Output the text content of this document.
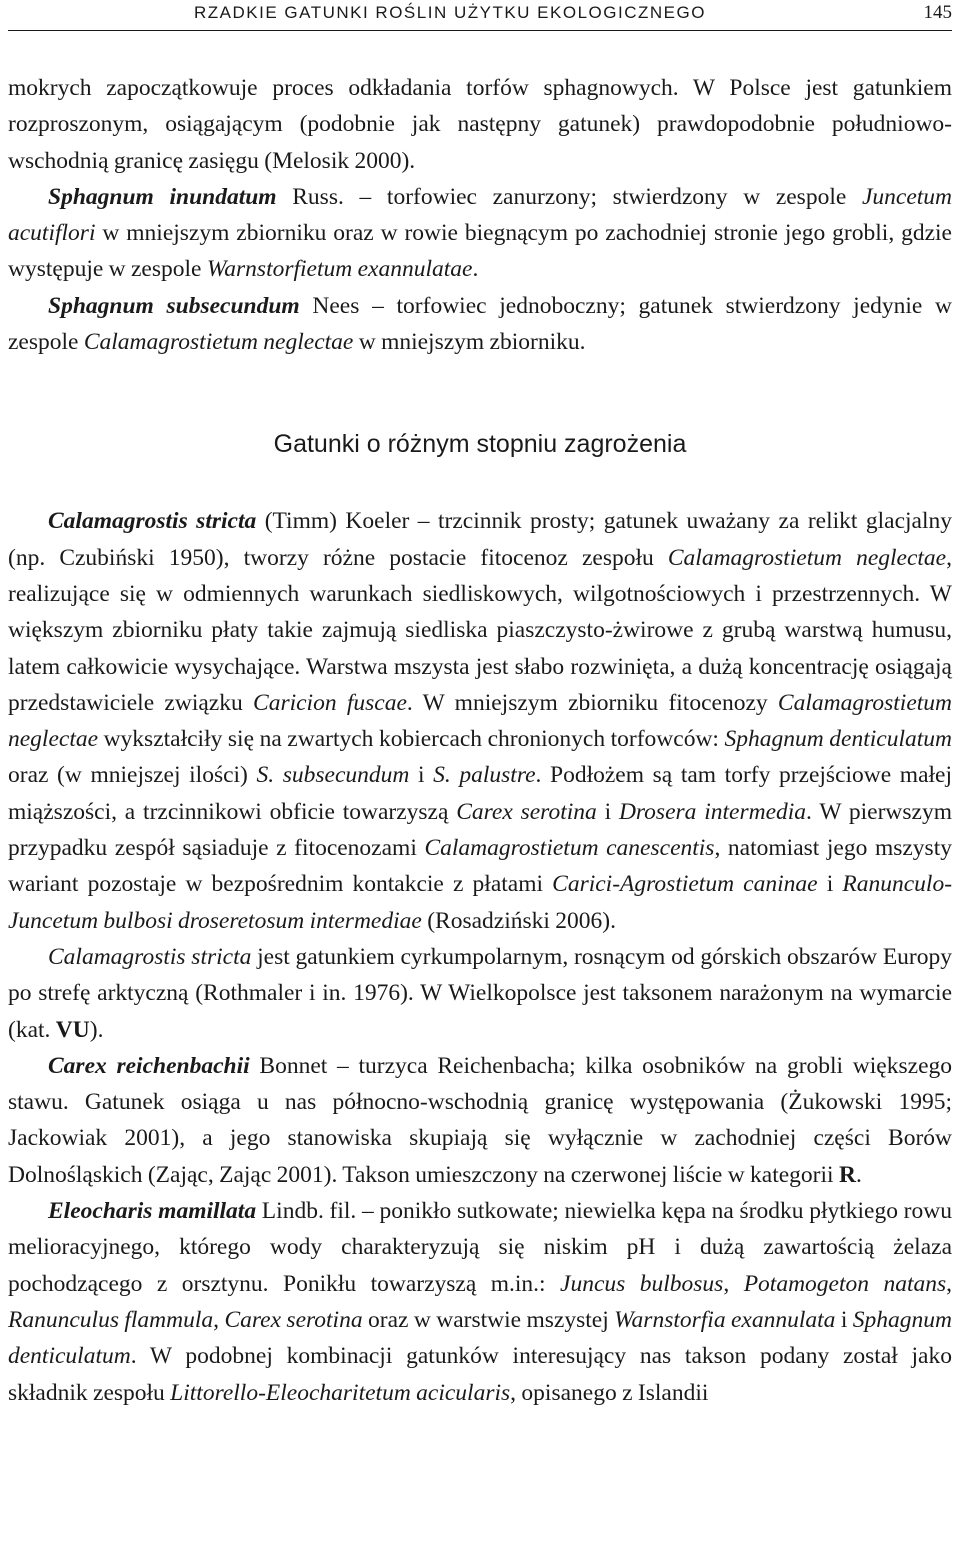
RZADKIE GATUNKI ROŚLIN UŻYTKU EKOLOGICZNEGO	145

mokrych zapoczątkowuje proces odkładania torfów sphagnowych. W Polsce jest gatunkiem rozproszonym, osiągającym (podobnie jak następny gatunek) prawdopodobnie południowo-wschodnią granicę zasięgu (Melosik 2000).

Sphagnum inundatum Russ. – torfowiec zanurzony; stwierdzony w zespole Juncetum acutiflori w mniejszym zbiorniku oraz w rowie biegnącym po zachodniej stronie jego grobli, gdzie występuje w zespole Warnstorfietum exannulatae.

Sphagnum subsecundum Nees – torfowiec jednoboczny; gatunek stwierdzony jedynie w zespole Calamagrostietum neglectae w mniejszym zbiorniku.

Gatunki o różnym stopniu zagrożenia

Calamagrostis stricta (Timm) Koeler – trzcinnik prosty; gatunek uważany za relikt glacjalny (np. Czubiński 1950), tworzy różne postacie fitocenoz zespołu Calamagrostietum neglectae, realizujące się w odmiennych warunkach siedliskowych, wilgotnościowych i przestrzennych. W większym zbiorniku płaty takie zajmują siedliska piaszczysto-żwirowe z grubą warstwą humusu, latem całkowicie wysychające. Warstwa mszysta jest słabo rozwinięta, a dużą koncentrację osiągają przedstawiciele związku Caricion fuscae. W mniejszym zbiorniku fitocenozy Calamagrostietum neglectae wykształciły się na zwartych kobiercach chronionych torfowców: Sphagnum denticulatum oraz (w mniejszej ilości) S. subsecundum i S. palustre. Podłożem są tam torfy przejściowe małej miąższości, a trzcinnikowi obficie towarzyszą Carex serotina i Drosera intermedia. W pierwszym przypadku zespół sąsiaduje z fitocenozami Calamagrostietum canescentis, natomiast jego mszysty wariant pozostaje w bezpośrednim kontakcie z płatami Carici-Agrostietum caninae i Ranunculo-Juncetum bulbosi droseretosum intermediae (Rosadziński 2006).

Calamagrostis stricta jest gatunkiem cyrkumpolarnym, rosnącym od górskich obszarów Europy po strefę arktyczną (Rothmaler i in. 1976). W Wielkopolsce jest taksonem narażonym na wymarcie (kat. VU).

Carex reichenbachii Bonnet – turzyca Reichenbacha; kilka osobników na grobli większego stawu. Gatunek osiąga u nas północno-wschodnią granicę występowania (Żukowski 1995; Jackowiak 2001), a jego stanowiska skupiają się wyłącznie w zachodniej części Borów Dolnośląskich (Zając, Zając 2001). Takson umieszczony na czerwonej liście w kategorii R.

Eleocharis mamillata Lindb. fil. – ponikło sutkowate; niewielka kępa na środku płytkiego rowu melioracyjnego, którego wody charakteryzują się niskim pH i dużą zawartością żelaza pochodzącego z orsztynu. Ponikłu towarzyszą m.in.: Juncus bulbosus, Potamogeton natans, Ranunculus flammula, Carex serotina oraz w warstwie mszystej Warnstorfia exannulata i Sphagnum denticulatum. W podobnej kombinacji gatunków interesujący nas takson podany został jako składnik zespołu Littorello-Eleocharitetum acicularis, opisanego z Islandii
